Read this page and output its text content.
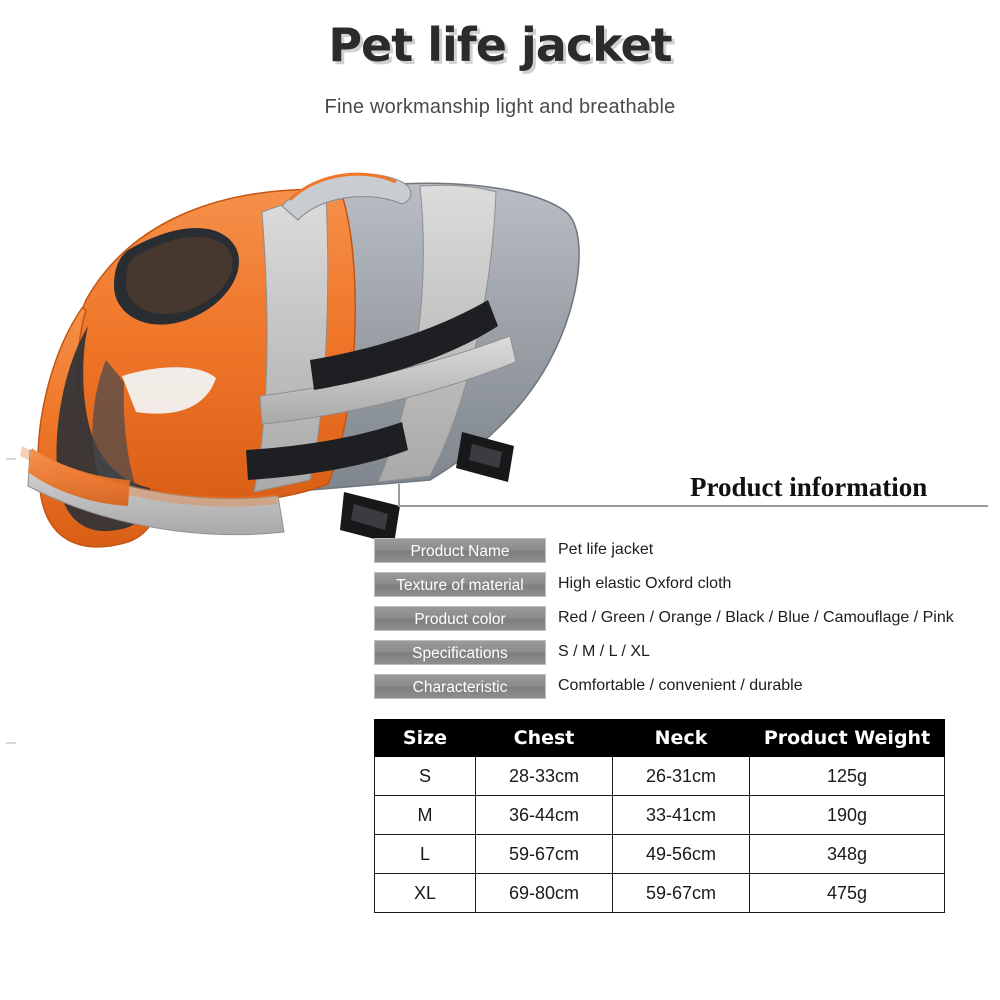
Pet life jacket
Fine workmanship light and breathable
Product information
Product Name	Pet life jacket
Texture of material	High elastic Oxford cloth
Product color	Red / Green / Orange / Black / Blue / Camouflage / Pink
Specifications	S / M / L / XL
Characteristic	Comfortable / convenient / durable
Size	Chest	Neck	Product Weight
S	28-33cm	26-31cm	125g
M	36-44cm	33-41cm	190g
L	59-67cm	49-56cm	348g
XL	69-80cm	59-67cm	475g
